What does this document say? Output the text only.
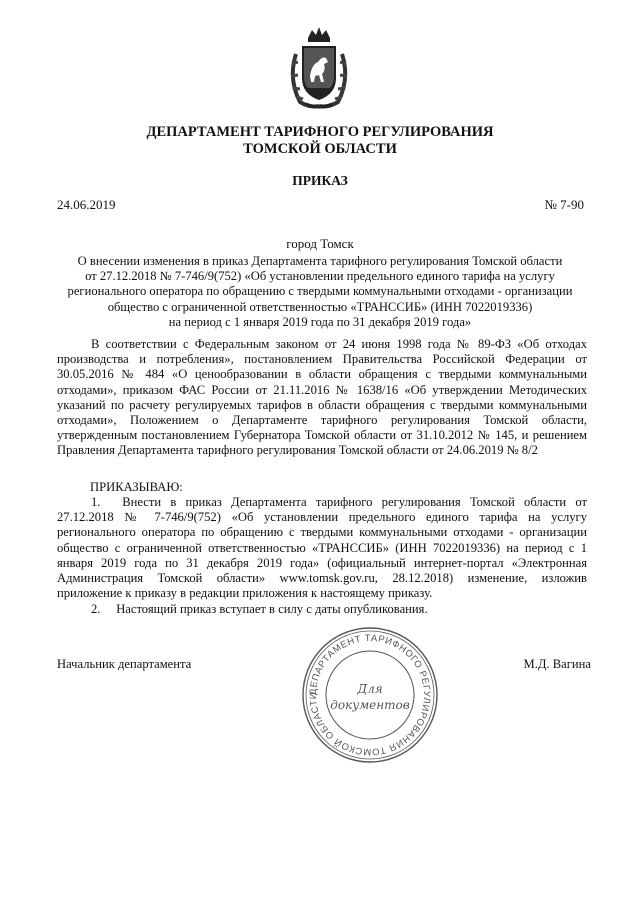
ДЕПАРТАМЕНТ ТАРИФНОГО РЕГУЛИРОВАНИЯ
ТОМСКОЙ ОБЛАСТИ
ПРИКАЗ
24.06.2019	№ 7-90
город Томск
О внесении изменения в приказ Департамента тарифного регулирования Томской области
от 27.12.2018 № 7-746/9(752) «Об установлении предельного единого тарифа на услугу
регионального оператора по обращению с твердыми коммунальными отходами - организации
общество с ограниченной ответственностью «ТРАНССИБ» (ИНН 7022019336)
на период с 1 января 2019 года по 31 декабря 2019 года»
В соответствии с Федеральным законом от 24 июня 1998 года № 89-ФЗ «Об отходах производства и потребления», постановлением Правительства Российской Федерации от 30.05.2016 № 484 «О ценообразовании в области обращения с твердыми коммунальными отходами», приказом ФАС России от 21.11.2016 № 1638/16 «Об утверждении Методических указаний по расчету регулируемых тарифов в области обращения с твердыми коммунальными отходами», Положением о Департаменте тарифного регулирования Томской области, утвержденным постановлением Губернатора Томской области от 31.10.2012 № 145, и решением Правления Департамента тарифного регулирования Томской области от 24.06.2019 № 8/2
ПРИКАЗЫВАЮ:
1.  Внести в приказ Департамента тарифного регулирования Томской области от 27.12.2018 № 7-746/9(752) «Об установлении предельного единого тарифа на услугу регионального оператора по обращению с твердыми коммунальными отходами - организации общество с ограниченной ответственностью «ТРАНССИБ» (ИНН 7022019336) на период с 1 января 2019 года по 31 декабря 2019 года» (официальный интернет-портал «Электронная Администрация Томской области» www.tomsk.gov.ru, 28.12.2018) изменение, изложив приложение к приказу в редакции приложения к настоящему приказу.
2.  Настоящий приказ вступает в силу с даты опубликования.
Начальник департамента	М.Д. Вагина
ДЕПАРТАМЕНТ ТАРИФНОГО РЕГУЛИРОВАНИЯ ТОМСКОЙ ОБЛАСТИ	Для
документов
